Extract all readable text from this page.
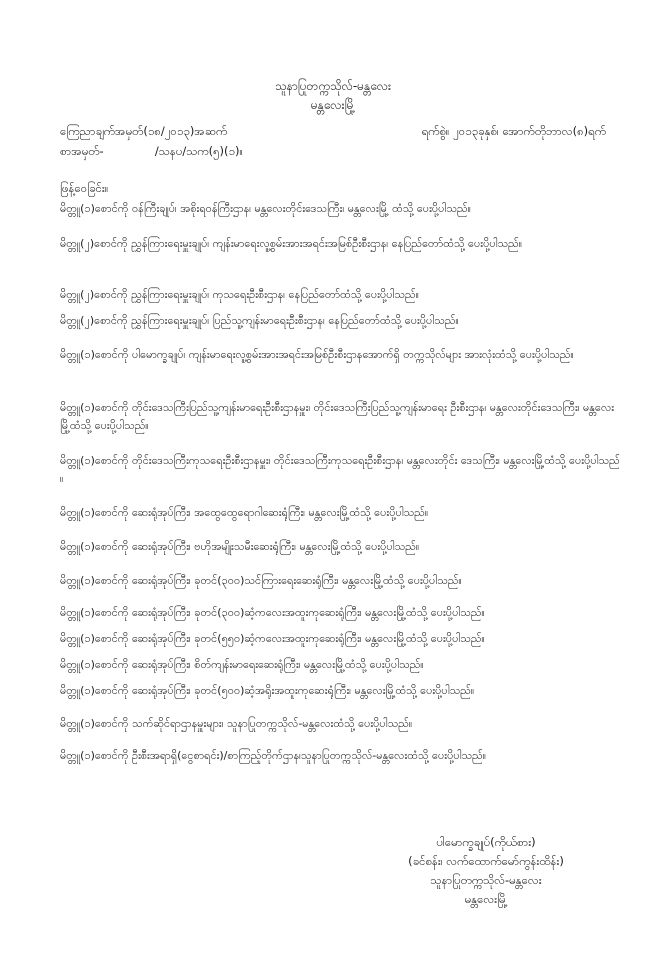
သူနာပြုတက္ကသိုလ်-မန္တလေး
မန္တလေးမြို့
ကြေညာချက်အမှတ်(၁၈/၂၀၁၃)အဆက်	ရက်စွဲ။ ၂၀၁၃ခုနှစ်၊ အောက်တိုဘာလ(၈)ရက်
စာအမှတ်-              /သနပ/သက(၅)(၁)။
ဖြန့်ဝေခြင်း။
မိတ္တူ(၁)စောင်ကို ဝန်ကြီးချုပ်၊ အစိုးရဝန်ကြီးဌာန၊ မန္တလေးတိုင်းဒေသကြီး၊ မန္တလေးမြို့ ထံသို့ ပေးပို့ပါသည်။
မိတ္တူ(၂)စောင်ကို ညွှန်ကြားရေးမှူးချုပ်၊ ကျန်းမာရေးလူ့စွမ်းအားအရင်းအမြစ်ဦးစီးဌာန၊ နေပြည်တော်ထံသို့ ပေးပို့ပါသည်။
မိတ္တူ(၂)စောင်ကို ညွှန်ကြားရေးမှူးချုပ်၊ ကုသရေးဦးစီးဌာန၊ နေပြည်တော်ထံသို့ ပေးပို့ပါသည်။
မိတ္တူ(၂)စောင်ကို ညွှန်ကြားရေးမှူးချုပ်၊ ပြည်သူ့ကျန်းမာရေးဦးစီးဌာန၊ နေပြည်တော်ထံသို့ ပေးပို့ပါသည်။
မိတ္တူ(၁)စောင်ကို ပါမောက္ခချုပ်၊ ကျန်းမာရေးလူ့စွမ်းအားအရင်းအမြစ်ဦးစီးဌာနအောက်ရှိ တက္ကသိုလ်များ အားလုံးထံသို့ ပေးပို့ပါသည်။
မိတ္တူ(၁)စောင်ကို တိုင်းဒေသကြီးပြည်သူ့ကျန်းမာရေးဦးစီးဌာနမှူး၊ တိုင်းဒေသကြီးပြည်သူ့ကျန်းမာရေး ဦးစီးဌာန၊ မန္တလေးတိုင်းဒေသကြီး၊ မန္တလေးမြို့ထံသို့ ပေးပို့ပါသည်။
မိတ္တူ(၁)စောင်ကို တိုင်းဒေသကြီးကုသရေးဦးစီးဌာနမှူး၊ တိုင်းဒေသကြီးကုသရေးဦးစီးဌာန၊ မန္တလေးတိုင်း ဒေသကြီး၊ မန္တလေးမြို့ထံသို့ ပေးပို့ပါသည်။
မိတ္တူ(၁)စောင်ကို ဆေးရုံအုပ်ကြီး၊ အထွေထွေရောဂါဆေးရုံကြီး၊ မန္တလေးမြို့ထံသို့ ပေးပို့ပါသည်။
မိတ္တူ(၁)စောင်ကို ဆေးရုံအုပ်ကြီး၊ ဗဟိုအမျိုးသမီးဆေးရုံကြီး၊ မန္တလေးမြို့ထံသို့ ပေးပို့ပါသည်။
မိတ္တူ(၁)စောင်ကို ဆေးရုံအုပ်ကြီး၊ ခုတင်(၃၀၀)သင်ကြားရေးဆေးရုံကြီး၊ မန္တလေးမြို့ထံသို့ ပေးပို့ပါသည်။
မိတ္တူ(၁)စောင်ကို ဆေးရုံအုပ်ကြီး၊ ခုတင်(၃၀၀)ဆံ့ကလေးအထူးကုဆေးရုံကြီး၊ မန္တလေးမြို့ထံသို့ ပေးပို့ပါသည်။
မိတ္တူ(၁)စောင်ကို ဆေးရုံအုပ်ကြီး၊ ခုတင်(၅၅၀)ဆံ့ကလေးအထူးကုဆေးရုံကြီး၊ မန္တလေးမြို့ထံသို့ ပေးပို့ပါသည်။
မိတ္တူ(၁)စောင်ကို ဆေးရုံအုပ်ကြီး၊ စိတ်ကျန်းမာရေးဆေးရုံကြီး၊ မန္တလေးမြို့ထံသို့ ပေးပို့ပါသည်။
မိတ္တူ(၁)စောင်ကို ဆေးရုံအုပ်ကြီး၊ ခုတင်(၅၀၀)ဆံ့အရိုးအထူးကုဆေးရုံကြီး၊ မန္တလေးမြို့ထံသို့ ပေးပို့ပါသည်။
မိတ္တူ(၁)စောင်ကို သက်ဆိုင်ရာဌာနမှူးများ၊ သူနာပြုတက္ကသိုလ်-မန္တလေးထံသို့ ပေးပို့ပါသည်။
မိတ္တူ(၁)စောင်ကို ဦးစီးအရာရှိ(ငွေစာရင်း)/စာကြည့်တိုက်ဌာန၊သူနာပြုတက္ကသိုလ်-မန္တလေးထံသို့ ပေးပို့ပါသည်။
ပါမောက္ခချုပ်(ကိုယ်စား)
(ခင်စန်း၊ လက်ထောက်မော်ကွန်းထိန်း)
သူနာပြုတက္ကသိုလ်-မန္တလေး
မန္တလေးမြို့
